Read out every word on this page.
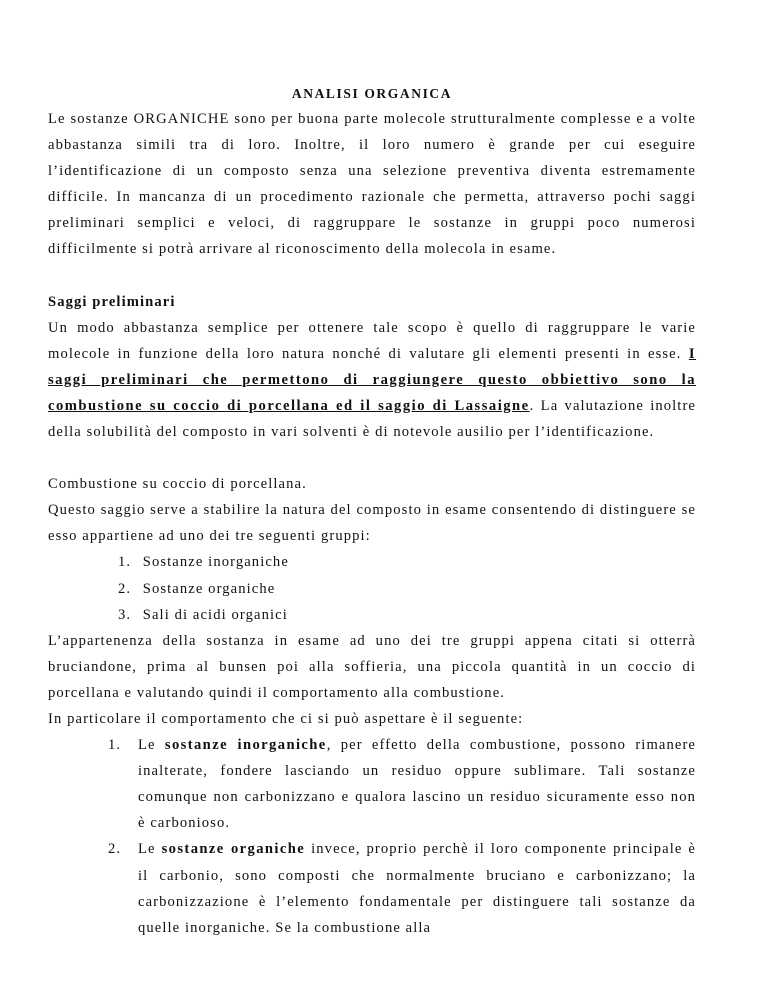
ANALISI ORGANICA

Le sostanze ORGANICHE sono per buona parte molecole strutturalmente complesse e a volte abbastanza simili tra di loro. Inoltre, il loro numero è grande per cui eseguire l’identificazione di un composto senza una selezione preventiva diventa estremamente difficile. In mancanza di un procedimento razionale che permetta, attraverso pochi saggi preliminari semplici e veloci, di raggruppare le sostanze in gruppi poco numerosi difficilmente si potrà arrivare al riconoscimento della molecola in esame.

Saggi preliminari

Un modo abbastanza semplice per ottenere tale scopo è quello di raggruppare le varie molecole in funzione della loro natura nonché di valutare gli elementi presenti in esse. I saggi preliminari che permettono di raggiungere questo obbiettivo sono la combustione su coccio di porcellana ed il saggio di Lassaigne. La valutazione inoltre della solubilità del composto in vari solventi è di notevole ausilio per l’identificazione.

Combustione su coccio di porcellana.

Questo saggio serve a stabilire la natura del composto in esame consentendo di distinguere se esso appartiene ad uno dei tre seguenti gruppi:

1. Sostanze inorganiche
2. Sostanze organiche
3. Sali di acidi organici

L’appartenenza della sostanza in esame ad uno dei tre gruppi appena citati si otterrà bruciandone, prima al bunsen poi alla soffieria, una piccola quantità in un coccio di porcellana e valutando quindi il comportamento alla combustione.

In particolare il comportamento che ci si può aspettare è il seguente:

1.	Le sostanze inorganiche, per effetto della combustione, possono rimanere inalterate, fondere lasciando un residuo oppure sublimare. Tali sostanze comunque non carbonizzano e qualora lascino un residuo sicuramente esso non è carbonioso.
2.	Le sostanze organiche invece, proprio perchè il loro componente principale è il carbonio, sono composti che normalmente bruciano e carbonizzano; la carbonizzazione è l’elemento fondamentale per distinguere tali sostanze da quelle inorganiche. Se la combustione alla
